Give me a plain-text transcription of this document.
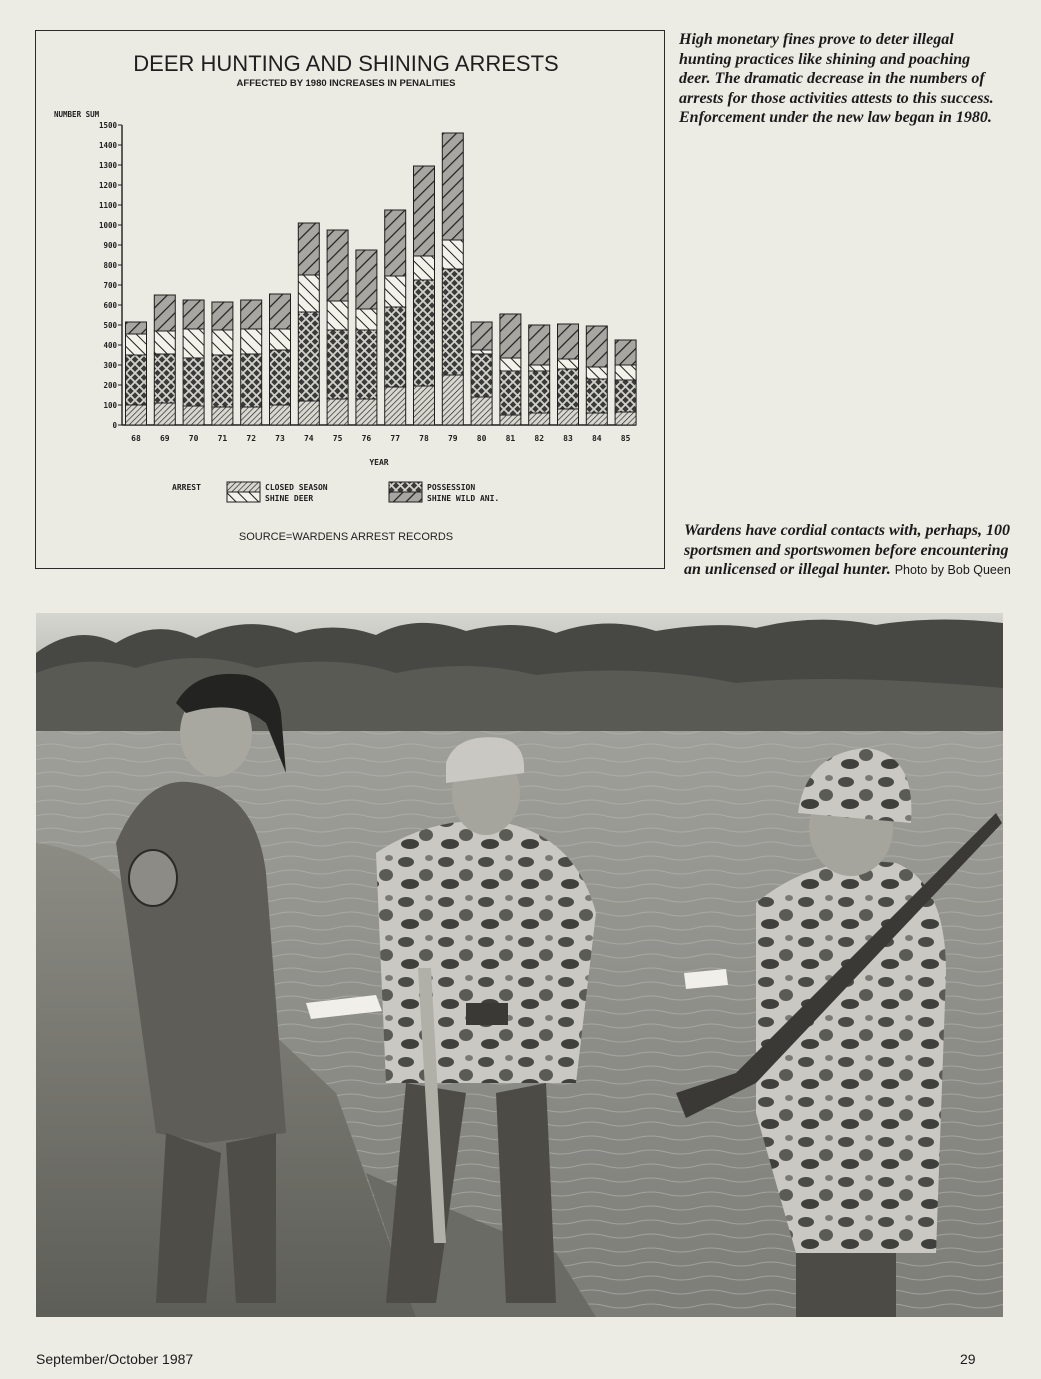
DEER HUNTING AND SHINING ARRESTS
AFFECTED BY 1980 INCREASES IN PENALITIES
NUMBER SUM
0
100
200
300
400
500
600
700
800
900
1000
1100
1200
1300
1400
1500
68 69 70 71 72 73 74 75 76 77 78 79 80 81 82 83 84 85
YEAR
ARREST	CLOSED SEASON
SHINE DEER
POSSESSION
SHINE WILD ANI.
SOURCE=WARDENS ARREST RECORDS
High monetary fines prove to deter illegal hunting practices like shining and poaching deer. The dramatic decrease in the numbers of arrests for those activities attests to this success. Enforcement under the new law began in 1980.
Wardens have cordial contacts with, perhaps, 100 sportsmen and sportswomen before encountering an unlicensed or illegal hunter. Photo by Bob Queen
September/October 1987	29
